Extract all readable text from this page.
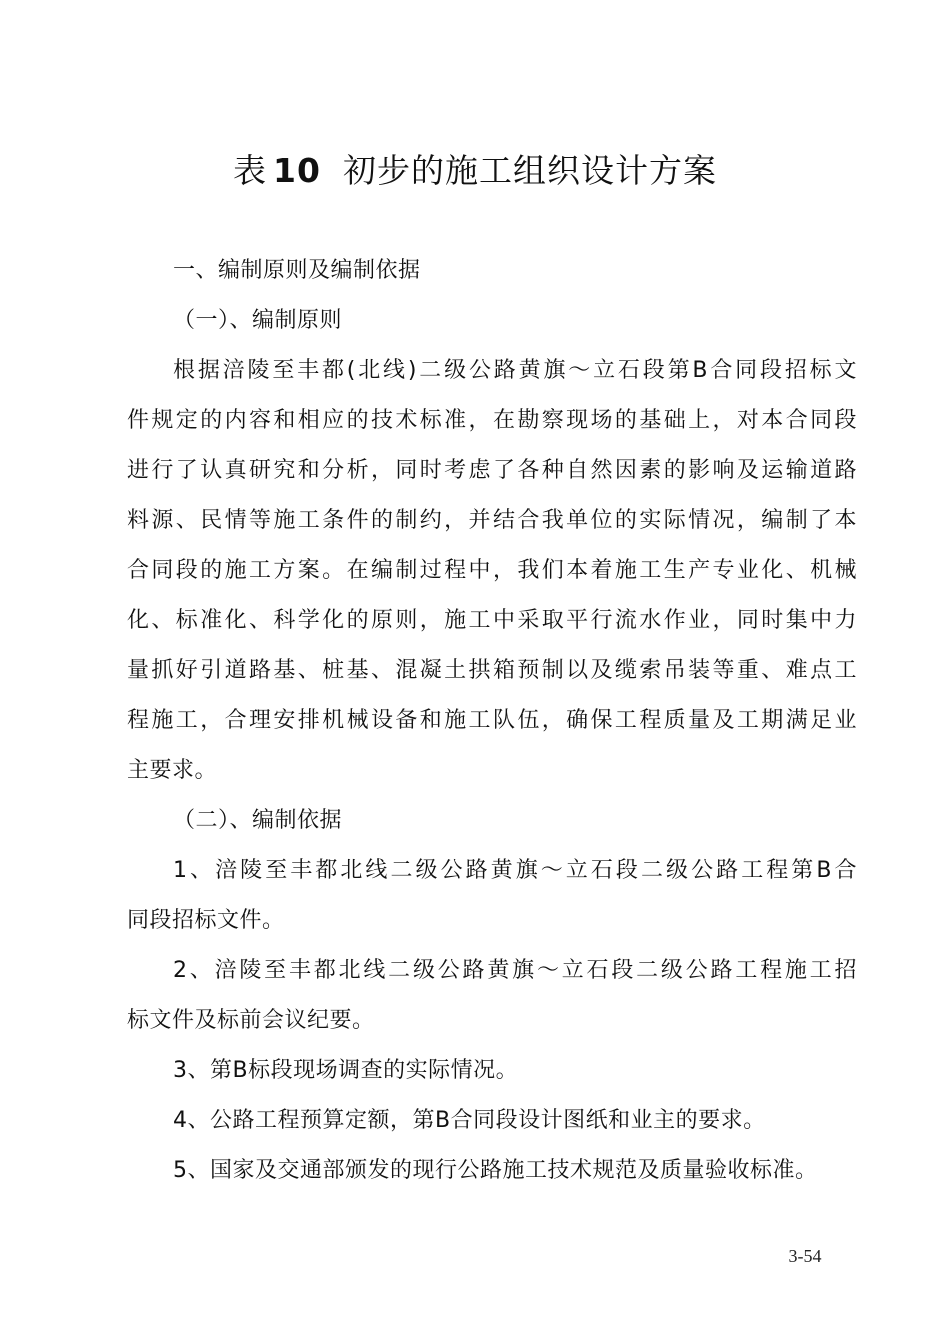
表 10 初步的施工组织设计方案
一、编制原则及编制依据
（一）、编制原则
根据涪陵至丰都(北线)二级公路黄旗～立石段第B合同段招标文
件规定的内容和相应的技术标准，在勘察现场的基础上，对本合同段
进行了认真研究和分析，同时考虑了各种自然因素的影响及运输道路
料源、民情等施工条件的制约，并结合我单位的实际情况，编制了本
合同段的施工方案。在编制过程中，我们本着施工生产专业化、机械
化、标准化、科学化的原则，施工中采取平行流水作业，同时集中力
量抓好引道路基、桩基、混凝土拱箱预制以及缆索吊装等重、难点工
程施工，合理安排机械设备和施工队伍，确保工程质量及工期满足业
主要求。
（二）、编制依据
1、涪陵至丰都北线二级公路黄旗～立石段二级公路工程第B合
同段招标文件。
2、涪陵至丰都北线二级公路黄旗～立石段二级公路工程施工招
标文件及标前会议纪要。
3、第B标段现场调查的实际情况。
4、公路工程预算定额，第B合同段设计图纸和业主的要求。
5、国家及交通部颁发的现行公路施工技术规范及质量验收标准。
3-54
